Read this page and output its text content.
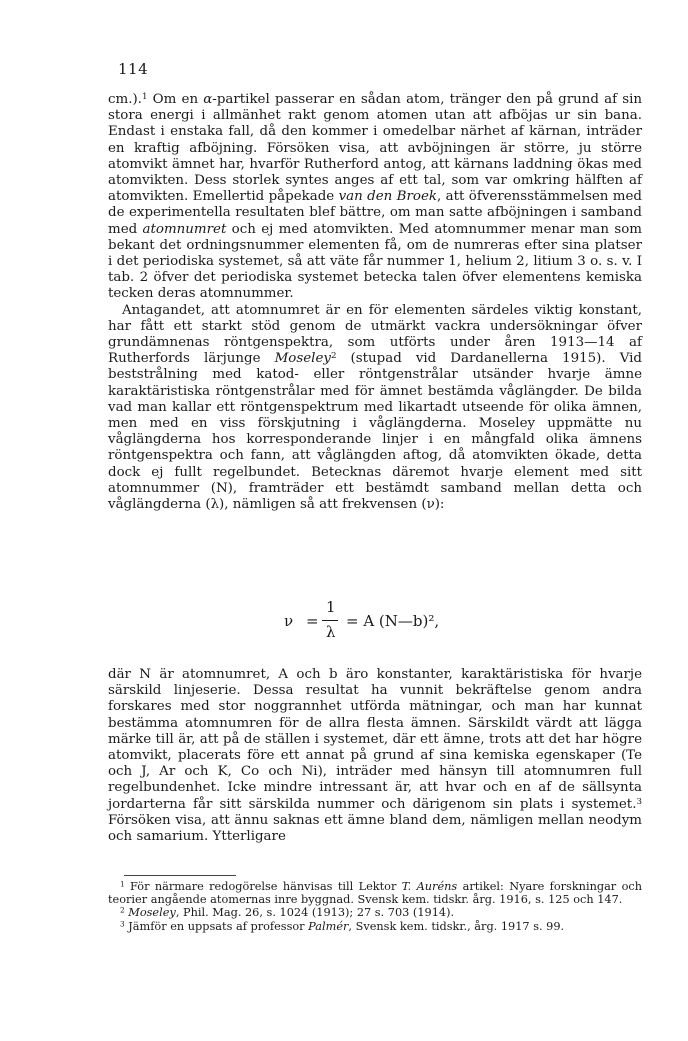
114

cm.).$^1$ Om en α-partikel passerar en sådan atom, tränger den på grund af sin stora energi i allmänhet rakt genom atomen utan att afböjas ur sin bana. Endast i enstaka fall, då den kommer i omedelbar närhet af kärnan, inträder en kraftig afböjning. Försöken visa, att avböjningen är större, ju större atomvikt ämnet har, hvarför Rutherford antog, att kärnans laddning ökas med atomvikten. Dess storlek syntes anges af ett tal, som var omkring hälften af atomvikten. Emellertid påpekade van den Broek, att öfverensstämmelsen med de experimentella resultaten blef bättre, om man satte afböjningen i samband med atomnumret och ej med atomvikten. Med atomnummer menar man som bekant det ordningsnummer elementen få, om de numreras efter sina platser i det periodiska systemet, så att väte får nummer 1, helium 2, litium 3 o. s. v. I tab. 2 öfver det periodiska systemet betecka talen öfver elementens kemiska tecken deras atomnummer.

Antagandet, att atomnumret är en för elementen särdeles viktig konstant, har fått ett starkt stöd genom de utmärkt vackra undersökningar öfver grundämnenas röntgenspektra, som utförts under åren 1913—14 af Rutherfords lärjunge Moseley$^2$ (stupad vid Dardanellerna 1915). Vid beststrålning med katod- eller röntgenstrålar utsänder hvarje ämne karaktäristiska röntgenstrålar med för ämnet bestämda våglängder. De bilda vad man kallar ett röntgenspektrum med likartadt utseende för olika ämnen, men med en viss förskjutning i våglängderna. Moseley uppmätte nu våglängderna hos korresponderande linjer i en mångfald olika ämnens röntgenspektra och fann, att våglängden aftog, då atomvikten ökade, detta dock ej fullt regelbundet. Betecknas däremot hvarje element med sitt atomnummer (N), framträder ett bestämdt samband mellan detta och våglängderna (λ), nämligen så att frekvensen (ν):

ν =
1
λ
= A (N—b)²,

där N är atomnumret, A och b äro konstanter, karaktäristiska för hvarje särskild linjeserie. Dessa resultat ha vunnit bekräftelse genom andra forskares med stor noggrannhet utförda mätningar, och man har kunnat bestämma atomnumren för de allra flesta ämnen. Särskildt värdt att lägga märke till är, att på de ställen i systemet, där ett ämne, trots att det har högre atomvikt, placerats före ett annat på grund af sina kemiska egenskaper (Te och J, Ar och K, Co och Ni), inträder med hänsyn till atomnumren full regelbundenhet. Icke mindre intressant är, att hvar och en af de sällsynta jordarterna får sitt särskilda nummer och därigenom sin plats i systemet.$^3$ Försöken visa, att ännu saknas ett ämne bland dem, nämligen mellan neodym och samarium. Ytterligare

$^1$ För närmare redogörelse hänvisas till Lektor T. Auréns artikel: Nyare forskningar och teorier angående atomernas inre byggnad. Svensk kem. tidskr. årg. 1916, s. 125 och 147.

$^2$ Moseley, Phil. Mag. 26, s. 1024 (1913); 27 s. 703 (1914).

$^3$ Jämför en uppsats af professor Palmér, Svensk kem. tidskr., årg. 1917 s. 99.
